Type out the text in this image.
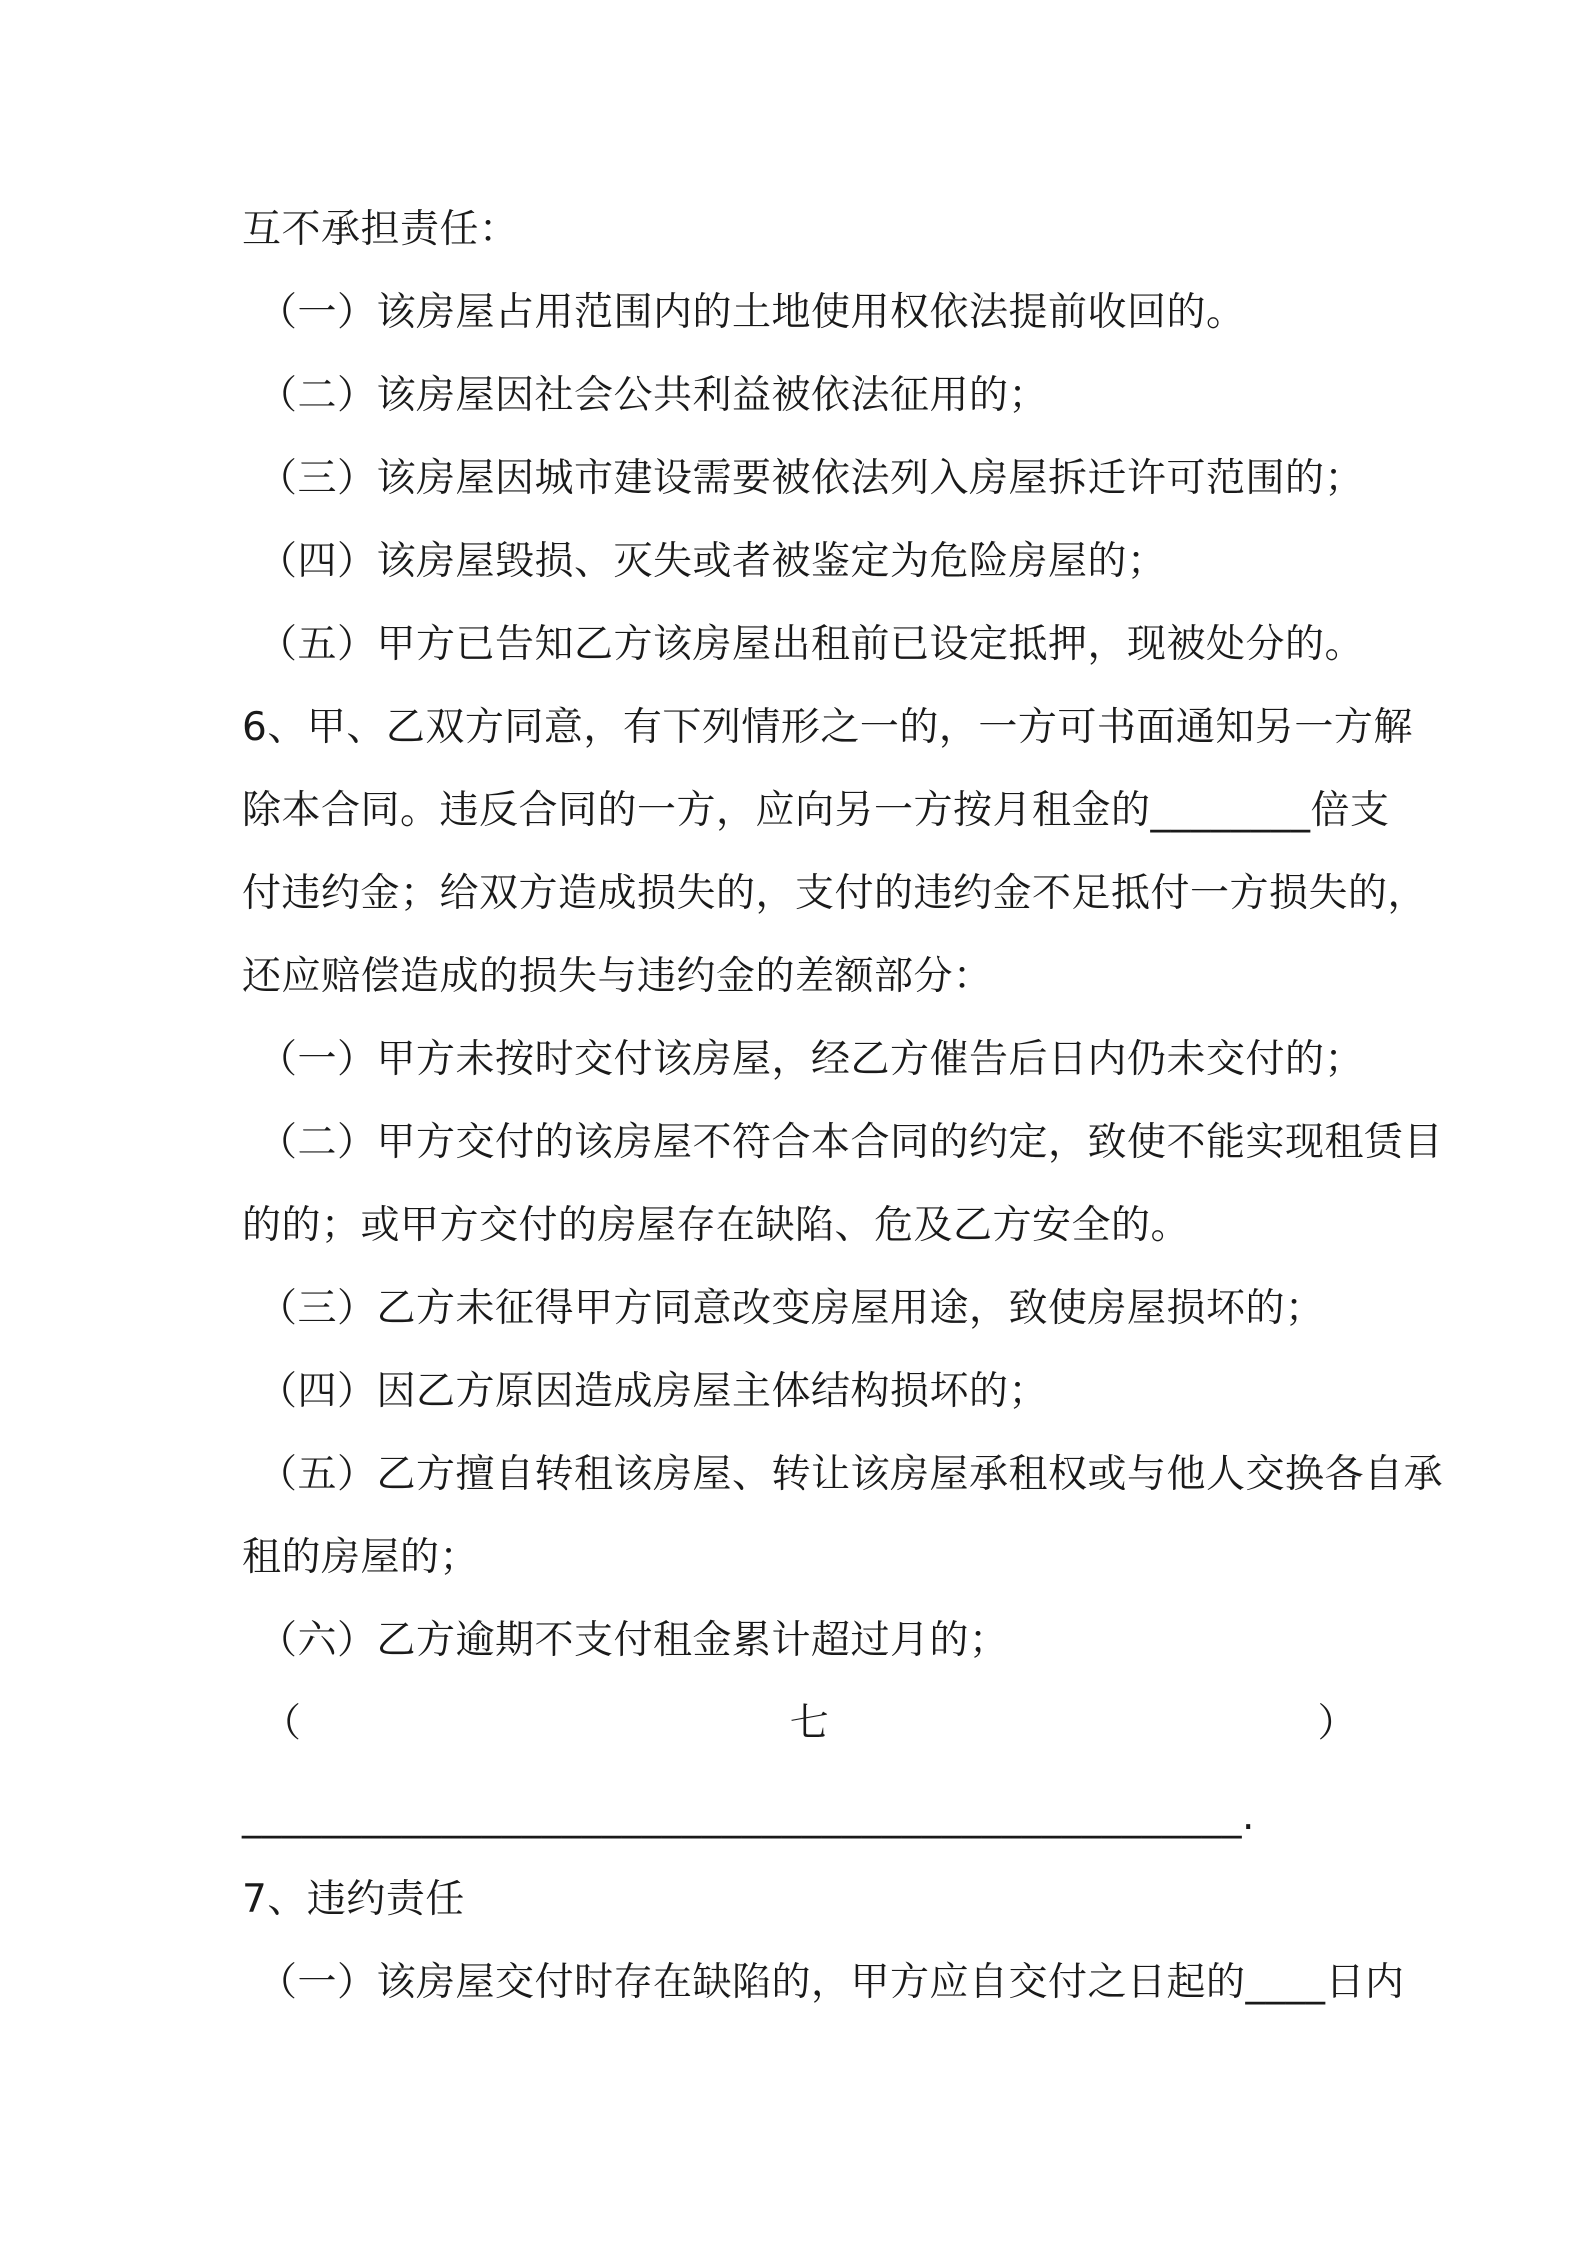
互不承担责任：
（一）该房屋占用范围内的土地使用权依法提前收回的。
（二）该房屋因社会公共利益被依法征用的；
（三）该房屋因城市建设需要被依法列入房屋拆迁许可范围的；
（四）该房屋毁损、灭失或者被鉴定为危险房屋的；
（五）甲方已告知乙方该房屋出租前已设定抵押，现被处分的。
6、甲、乙双方同意，有下列情形之一的，一方可书面通知另一方解
除本合同。违反合同的一方，应向另一方按月租金的________倍支
付违约金；给双方造成损失的，支付的违约金不足抵付一方损失的，
还应赔偿造成的损失与违约金的差额部分：
（一）甲方未按时交付该房屋，经乙方催告后日内仍未交付的；
（二）甲方交付的该房屋不符合本合同的约定，致使不能实现租赁目
的的；或甲方交付的房屋存在缺陷、危及乙方安全的。
（三）乙方未征得甲方同意改变房屋用途，致使房屋损坏的；
（四）因乙方原因造成房屋主体结构损坏的；
（五）乙方擅自转租该房屋、转让该房屋承租权或与他人交换各自承
租的房屋的；
（六）乙方逾期不支付租金累计超过月的；
（	七	）
__________________________________________________.
7、违约责任
（一）该房屋交付时存在缺陷的，甲方应自交付之日起的____日内
